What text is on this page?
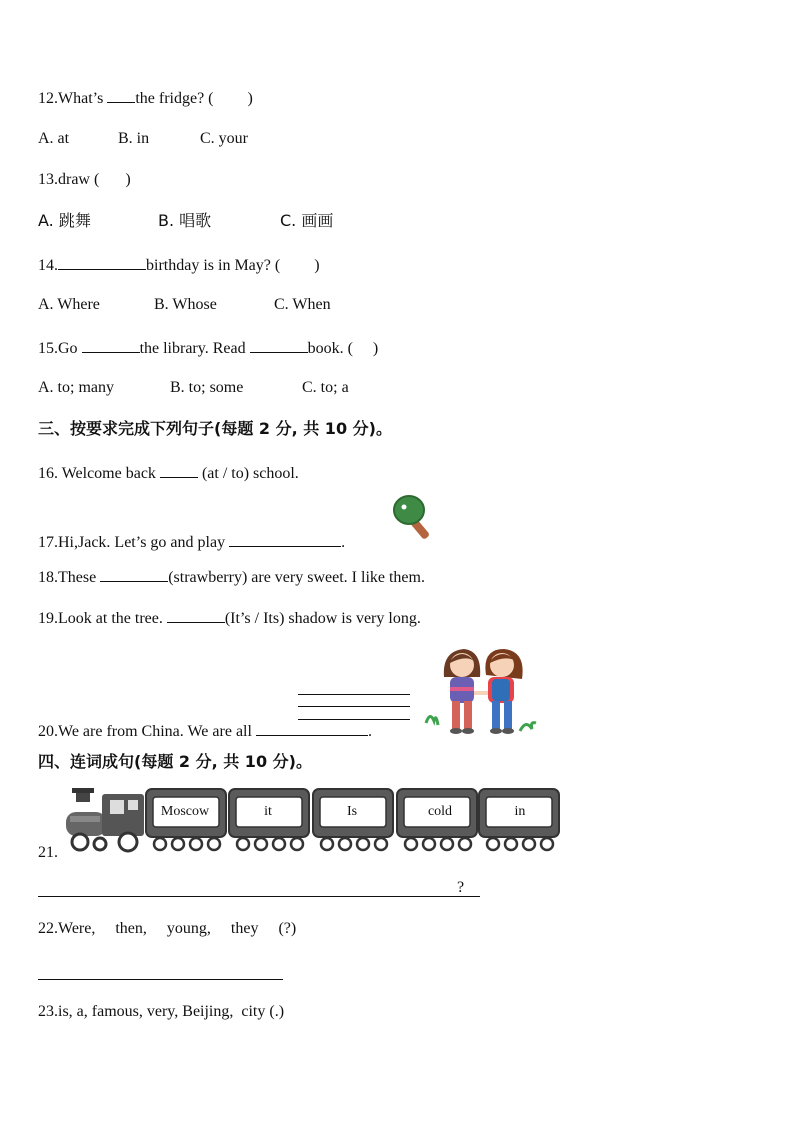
12.What’s the fridge? ( )
A. at	B. in	C. your
13.draw ( )
A. 跳舞	B. 唱歌	C. 画画
14.	birthday is in May? ( )
A. Where	B. Whose	C. When
15.Go	the library. Read	book. ( )
A. to; many	B. to; some	C. to; a
三、按要求完成下列句子(每题 2 分, 共 10 分)。
16. Welcome back  (at / to) school.
17.Hi,Jack. Let’s go and play	.
18.These	(strawberry) are very sweet. I like them.
19.Look at the tree.	(It’s / Its) shadow is very long.
20.We are from China. We are all	.
四、连词成句(每题 2 分, 共 10 分)。
21.
Moscow	it	Is	cold	in
?
22.Were,     then,     young,     they     (?)
23.is, a, famous, very, Beijing,  city (.)
